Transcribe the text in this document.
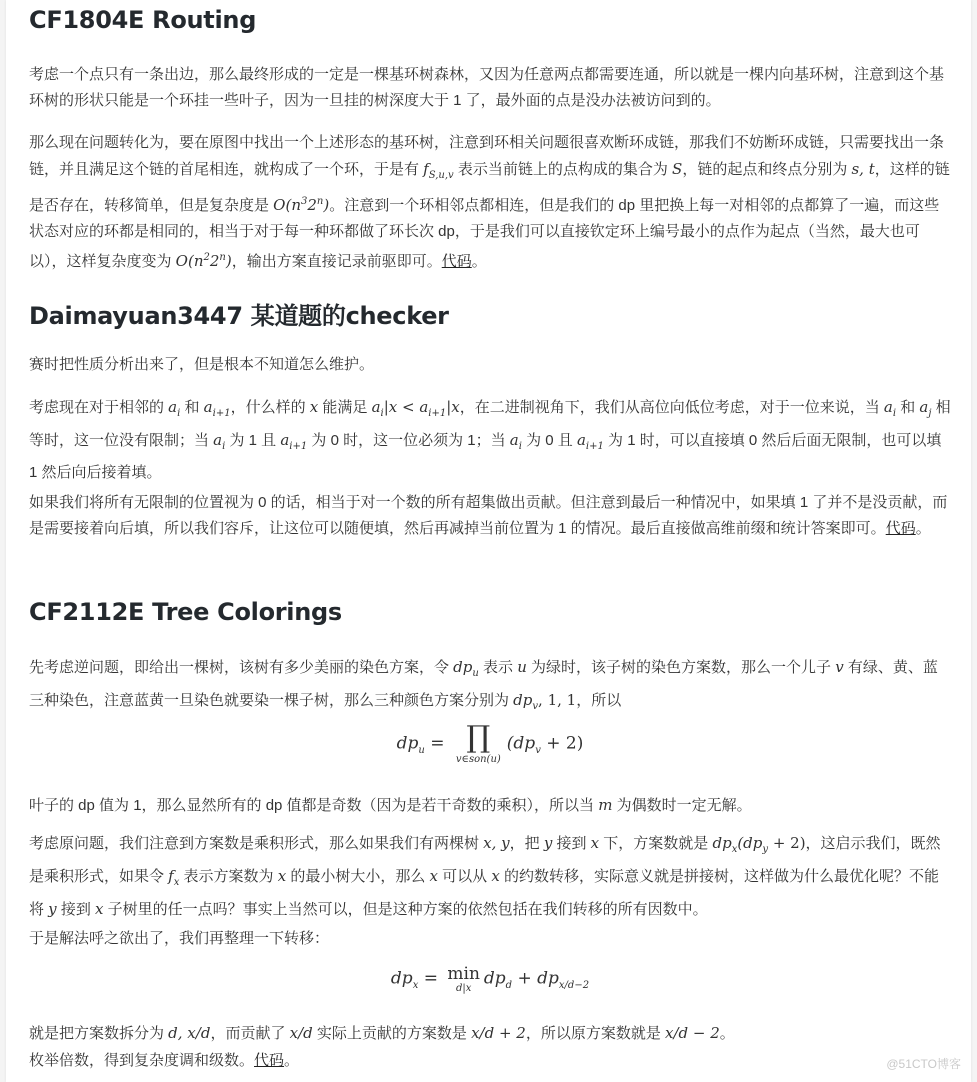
CF1804E Routing

考虑一个点只有一条出边，那么最终形成的一定是一棵基环树森林，又因为任意两点都需要连通，所以就是一棵内向基环树，注意到这个基环树的形状只能是一个环挂一些叶子，因为一旦挂的树深度大于 1 了，最外面的点是没办法被访问到的。

那么现在问题转化为，要在原图中找出一个上述形态的基环树，注意到环相关问题很喜欢断环成链，那我们不妨断环成链，只需要找出一条链，并且满足这个链的首尾相连，就构成了一个环，于是有 $f_{S,u,v}$ 表示当前链上的点构成的集合为 S，链的起点和终点分别为 s, t，这样的链是否存在，转移简单，但是复杂度是 $O(n^32^n)$。注意到一个环相邻点都相连，但是我们的 dp 里把换上每一对相邻的点都算了一遍，而这些状态对应的环都是相同的，相当于对于每一种环都做了环长次 dp，于是我们可以直接钦定环上编号最小的点作为起点（当然，最大也可以），这样复杂度变为 $O(n^22^n)$，输出方案直接记录前驱即可。代码。

Daimayuan3447 某道题的checker

赛时把性质分析出来了，但是根本不知道怎么维护。

考虑现在对于相邻的 $a_i$ 和 $a_{i+1}$，什么样的 x 能满足 $a_i|x < a_{i+1}|x$，在二进制视角下，我们从高位向低位考虑，对于一位来说，当 $a_i$ 和 $a_j$ 相等时，这一位没有限制；当 $a_i$ 为 1 且 $a_{i+1}$ 为 0 时，这一位必须为 1；当 $a_i$ 为 0 且 $a_{i+1}$ 为 1 时，可以直接填 0 然后后面无限制，也可以填 1 然后向后接着填。

如果我们将所有无限制的位置视为 0 的话，相当于对一个数的所有超集做出贡献。但注意到最后一种情况中，如果填 1 了并不是没贡献，而是需要接着向后填，所以我们容斥，让这位可以随便填，然后再减掉当前位置为 1 的情况。最后直接做高维前缀和统计答案即可。代码。

CF2112E Tree Colorings

先考虑逆问题，即给出一棵树，该树有多少美丽的染色方案，令 $dp_u$ 表示 u 为绿时，该子树的染色方案数，那么一个儿子 v 有绿、黄、蓝三种染色，注意蓝黄一旦染色就要染一棵子树，那么三种颜色方案分别为 $dp_v$, 1, 1，所以

$dp_u$ = ∏
v∈son(u)
$(dp_v + 2)$

叶子的 dp 值为 1，那么显然所有的 dp 值都是奇数（因为是若干奇数的乘积），所以当 m 为偶数时一定无解。

考虑原问题，我们注意到方案数是乘积形式，那么如果我们有两棵树 x, y，把 y 接到 x 下，方案数就是 $dp_x(dp_y + 2)$，这启示我们，既然是乘积形式，如果令 $f_x$ 表示方案数为 x 的最小树大小，那么 x 可以从 x 的约数转移，实际意义就是拼接树，这样做为什么最优化呢？不能将 y 接到 x 子树里的任一点吗？事实上当然可以，但是这种方案的依然包括在我们转移的所有因数中。

于是解法呼之欲出了，我们再整理一下转移：

$dp_x = \min$
d|x $dp_d + dp_{x/d-2}$

就是把方案数拆分为 d, x/d，而贡献了 x/d 实际上贡献的方案数是 x/d + 2，所以原方案数就是 x/d − 2。

枚举倍数，得到复杂度调和级数。代码。	@51CTO博客
